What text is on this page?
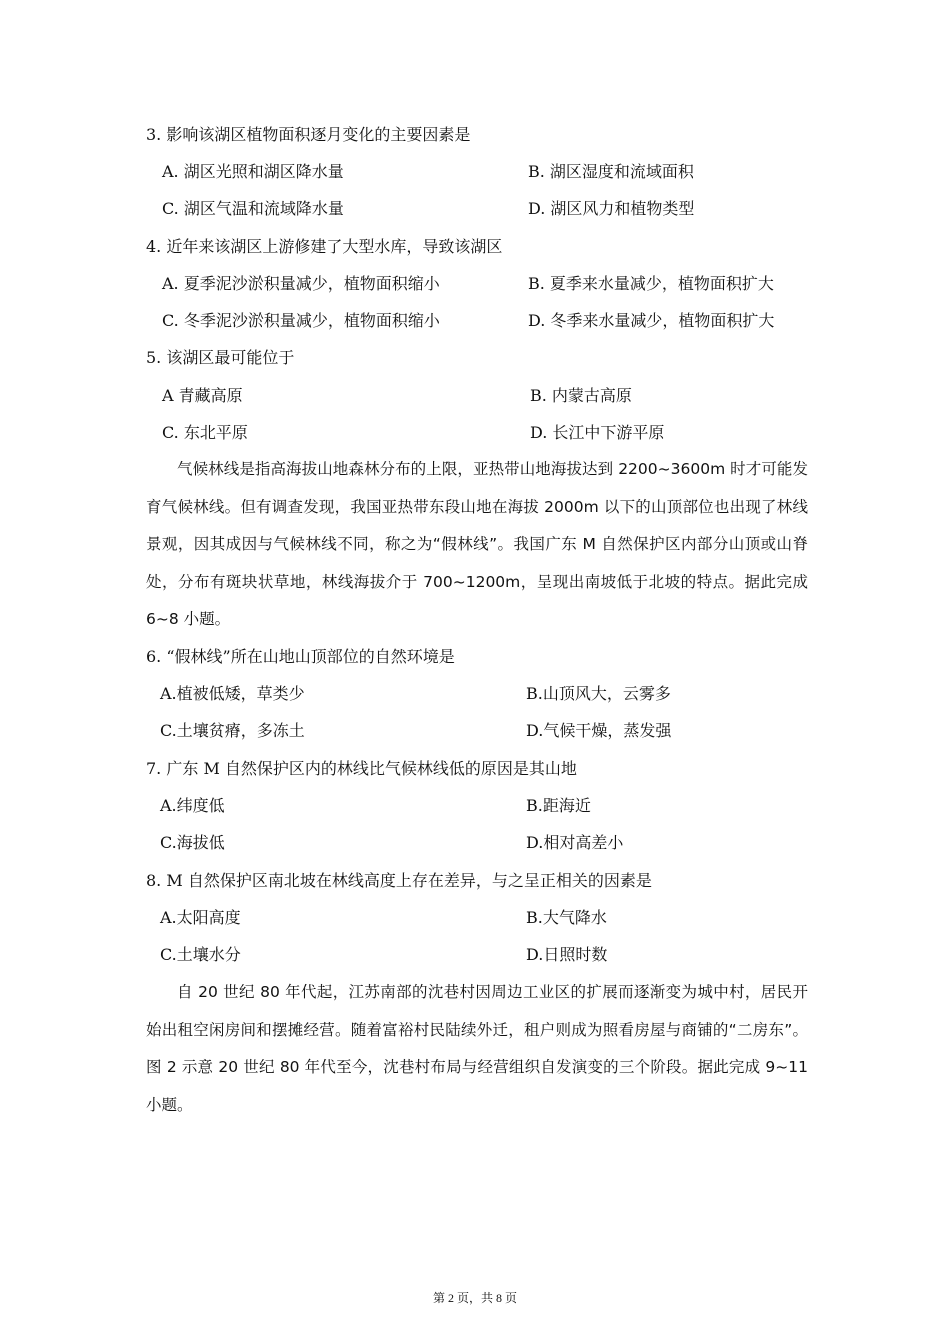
3. 影响该湖区植物面积逐月变化的主要因素是
A. 湖区光照和湖区降水量	B. 湖区湿度和流域面积
C. 湖区气温和流域降水量	D. 湖区风力和植物类型
4. 近年来该湖区上游修建了大型水库，导致该湖区
A. 夏季泥沙淤积量减少，植物面积缩小	B. 夏季来水量减少，植物面积扩大
C. 冬季泥沙淤积量减少，植物面积缩小	D. 冬季来水量减少，植物面积扩大
5. 该湖区最可能位于
A 青藏高原	B. 内蒙古高原
C. 东北平原	D. 长江中下游平原
气候林线是指高海拔山地森林分布的上限，亚热带山地海拔达到 2200~3600m 时才可能发育气候林线。但有调查发现，我国亚热带东段山地在海拔 2000m 以下的山顶部位也出现了林线景观，因其成因与气候林线不同，称之为“假林线”。我国广东 M 自然保护区内部分山顶或山脊处，分布有斑块状草地，林线海拔介于 700~1200m，呈现出南坡低于北坡的特点。据此完成 6~8 小题。
6. “假林线”所在山地山顶部位的自然环境是
A.植被低矮，草类少	B.山顶风大，云雾多
C.土壤贫瘠，多冻土	D.气候干燥，蒸发强
7. 广东 M 自然保护区内的林线比气候林线低的原因是其山地
A.纬度低	B.距海近
C.海拔低	D.相对高差小
8. M 自然保护区南北坡在林线高度上存在差异，与之呈正相关的因素是
A.太阳高度	B.大气降水
C.土壤水分	D.日照时数
自 20 世纪 80 年代起，江苏南部的沈巷村因周边工业区的扩展而逐渐变为城中村，居民开始出租空闲房间和摆摊经营。随着富裕村民陆续外迁，租户则成为照看房屋与商铺的“二房东”。图 2 示意 20 世纪 80 年代至今，沈巷村布局与经营组织自发演变的三个阶段。据此完成 9~11 小题。
第 2 页，共 8 页
